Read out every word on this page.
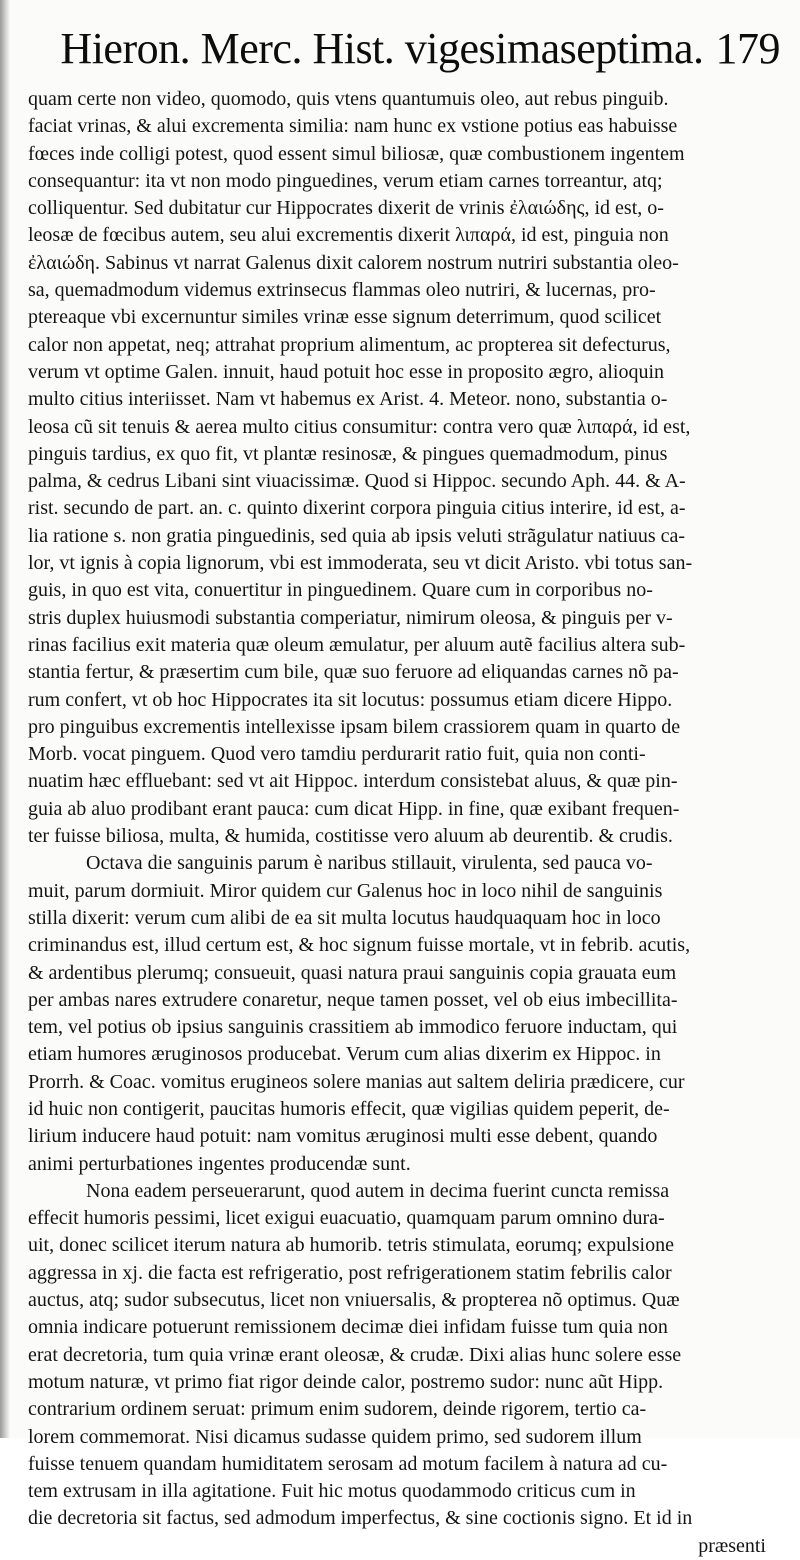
Hieron. Merc. Hist. vigesimaseptima. 179
quam certe non video, quomodo, quis vtens quantumuis oleo, aut rebus pinguib.
faciat vrinas, & alui excrementa similia: nam hunc ex vstione potius eas habuisse
fœces inde colligi potest, quod essent simul biliosæ, quæ combustionem ingentem
consequantur: ita vt non modo pinguedines, verum etiam carnes torreantur, atq;
colliquentur. Sed dubitatur cur Hippocrates dixerit de vrinis ἐλαιώδης, id est, o-
leosæ de fœcibus autem, seu alui excrementis dixerit λιπαρά, id est, pinguia non
ἐλαιώδη. Sabinus vt narrat Galenus dixit calorem nostrum nutriri substantia oleo-
sa, quemadmodum videmus extrinsecus flammas oleo nutriri, & lucernas, pro-
ptereaque vbi excernuntur similes vrinæ esse signum deterrimum, quod scilicet
calor non appetat, neq; attrahat proprium alimentum, ac propterea sit defecturus,
verum vt optime Galen. innuit, haud potuit hoc esse in proposito ægro, alioquin
multo citius interiisset. Nam vt habemus ex Arist. 4. Meteor. nono, substantia o-
leosa cũ sit tenuis & aerea multo citius consumitur: contra vero quæ λιπαρά, id est,
pinguis tardius, ex quo fit, vt plantæ resinosæ, & pingues quemadmodum, pinus
palma, & cedrus Libani sint viuacissimæ. Quod si Hippoc. secundo Aph. 44. & A-
rist. secundo de part. an. c. quinto dixerint corpora pinguia citius interire, id est, a-
lia ratione s. non gratia pinguedinis, sed quia ab ipsis veluti strãgulatur natiuus ca-
lor, vt ignis à copia lignorum, vbi est immoderata, seu vt dicit Aristo. vbi totus san-
guis, in quo est vita, conuertitur in pinguedinem. Quare cum in corporibus no-
stris duplex huiusmodi substantia comperiatur, nimirum oleosa, & pinguis per v-
rinas facilius exit materia quæ oleum æmulatur, per aluum autẽ facilius altera sub-
stantia fertur, & præsertim cum bile, quæ suo feruore ad eliquandas carnes nõ pa-
rum confert, vt ob hoc Hippocrates ita sit locutus: possumus etiam dicere Hippo.
pro pinguibus excrementis intellexisse ipsam bilem crassiorem quam in quarto de
Morb. vocat pinguem. Quod vero tamdiu perdurarit ratio fuit, quia non conti-
nuatim hæc effluebant: sed vt ait Hippoc. interdum consistebat aluus, & quæ pin-
guia ab aluo prodibant erant pauca: cum dicat Hipp. in fine, quæ exibant frequen-
ter fuisse biliosa, multa, & humida, costitisse vero aluum ab deurentib. & crudis.
Octava die sanguinis parum è naribus stillauit, virulenta, sed pauca vo-
muit, parum dormiuit. Miror quidem cur Galenus hoc in loco nihil de sanguinis
stilla dixerit: verum cum alibi de ea sit multa locutus haudquaquam hoc in loco
criminandus est, illud certum est, & hoc signum fuisse mortale, vt in febrib. acutis,
& ardentibus plerumq; consueuit, quasi natura praui sanguinis copia grauata eum
per ambas nares extrudere conaretur, neque tamen posset, vel ob eius imbecillita-
tem, vel potius ob ipsius sanguinis crassitiem ab immodico feruore inductam, qui
etiam humores æruginosos producebat. Verum cum alias dixerim ex Hippoc. in
Prorrh. & Coac. vomitus erugineos solere manias aut saltem deliria prædicere, cur
id huic non contigerit, paucitas humoris effecit, quæ vigilias quidem peperit, de-
lirium inducere haud potuit: nam vomitus æruginosi multi esse debent, quando
animi perturbationes ingentes producendæ sunt.
Nona eadem perseuerarunt, quod autem in decima fuerint cuncta remissa
effecit humoris pessimi, licet exigui euacuatio, quamquam parum omnino dura-
uit, donec scilicet iterum natura ab humorib. tetris stimulata, eorumq; expulsione
aggressa in xj. die facta est refrigeratio, post refrigerationem statim febrilis calor
auctus, atq; sudor subsecutus, licet non vniuersalis, & propterea nõ optimus. Quæ
omnia indicare potuerunt remissionem decimæ diei infidam fuisse tum quia non
erat decretoria, tum quia vrinæ erant oleosæ, & crudæ. Dixi alias hunc solere esse
motum naturæ, vt primo fiat rigor deinde calor, postremo sudor: nunc aũt Hipp.
contrarium ordinem seruat: primum enim sudorem, deinde rigorem, tertio ca-
lorem commemorat. Nisi dicamus sudasse quidem primo, sed sudorem illum
fuisse tenuem quandam humiditatem serosam ad motum facilem à natura ad cu-
tem extrusam in illa agitatione. Fuit hic motus quodammodo criticus cum in
die decretoria sit factus, sed admodum imperfectus, & sine coctionis signo. Et id in
præsenti
